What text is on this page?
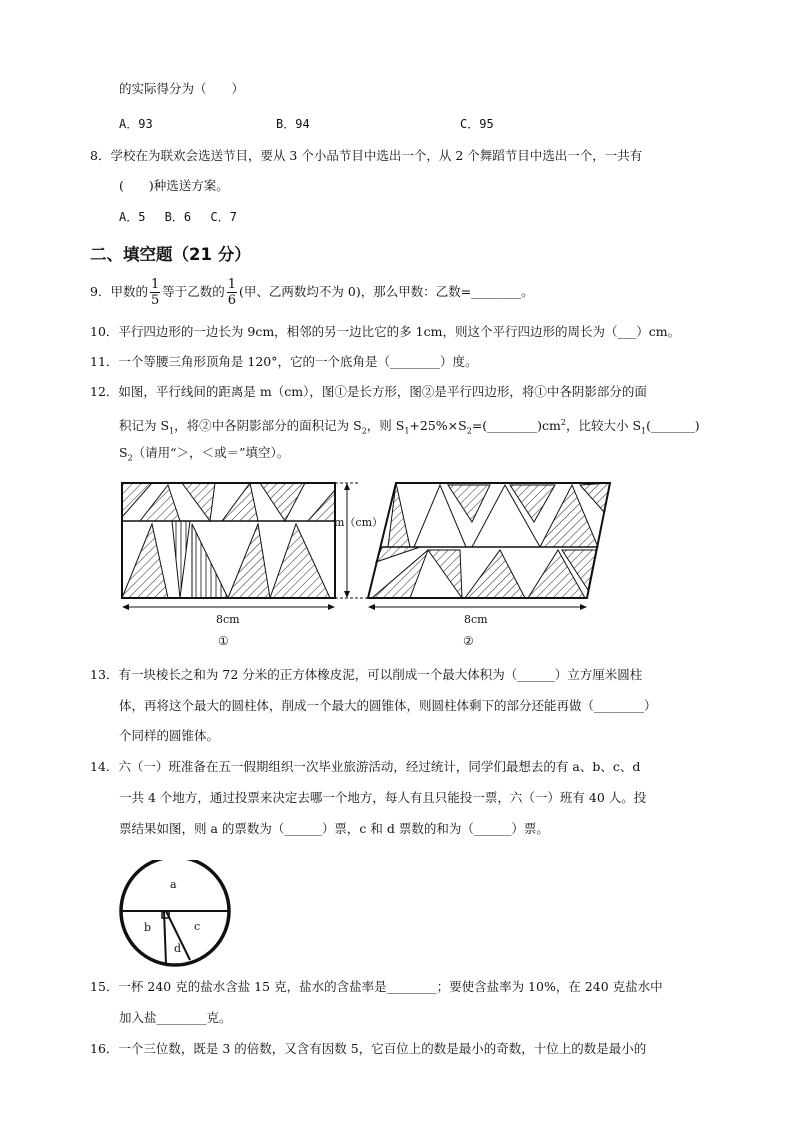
的实际得分为（　　）
A．93	B．94	C．95
8．学校在为联欢会选送节目，要从 3 个小品节目中选出一个，从 2 个舞蹈节目中选出一个，一共有
(　　)种选送方案。
A．5　 B．6　 C．7
二、填空题（21 分）
9．甲数的 $\frac{1}{5}$ 等于乙数的 $\frac{1}{6}$ (甲、乙两数均不为 0)，那么甲数：乙数=________。
10．平行四边形的一边长为 9cm，相邻的另一边比它的多 1cm，则这个平行四边形的周长为（___）cm。
11．一个等腰三角形顶角是 120°，它的一个底角是（________）度。
12．如图，平行线间的距离是 m（cm），图①是长方形，图②是平行四边形，将①中各阴影部分的面
积记为 $S_1$，将②中各阴影部分的面积记为 $S_2$，则 $S_1+25\%\times S_2=(\_\_\_\_\_\_\_\_)cm^2$，比较大小 $S_1(\_\_\_\_\_\_\_)$
$S_2$（请用“＞，＜或＝”填空）。
m（cm）
8cm
①
8cm
②
13．有一块棱长之和为 72 分米的正方体橡皮泥，可以削成一个最大体积为（______）立方厘米圆柱
体，再将这个最大的圆柱体，削成一个最大的圆锥体，则圆柱体剩下的部分还能再做（________）
个同样的圆锥体。
14．六（一）班准备在五一假期组织一次毕业旅游活动，经过统计，同学们最想去的有 a、b、c、d
一共 4 个地方，通过投票来决定去哪一个地方，每人有且只能投一票，六（一）班有 40 人。投
票结果如图，则 a 的票数为（______）票，c 和 d 票数的和为（______）票。
a
b	c
d
15．一杯 240 克的盐水含盐 15 克，盐水的含盐率是________；要使含盐率为 10%，在 240 克盐水中
加入盐________克。
16．一个三位数，既是 3 的倍数，又含有因数 5，它百位上的数是最小的奇数，十位上的数是最小的
